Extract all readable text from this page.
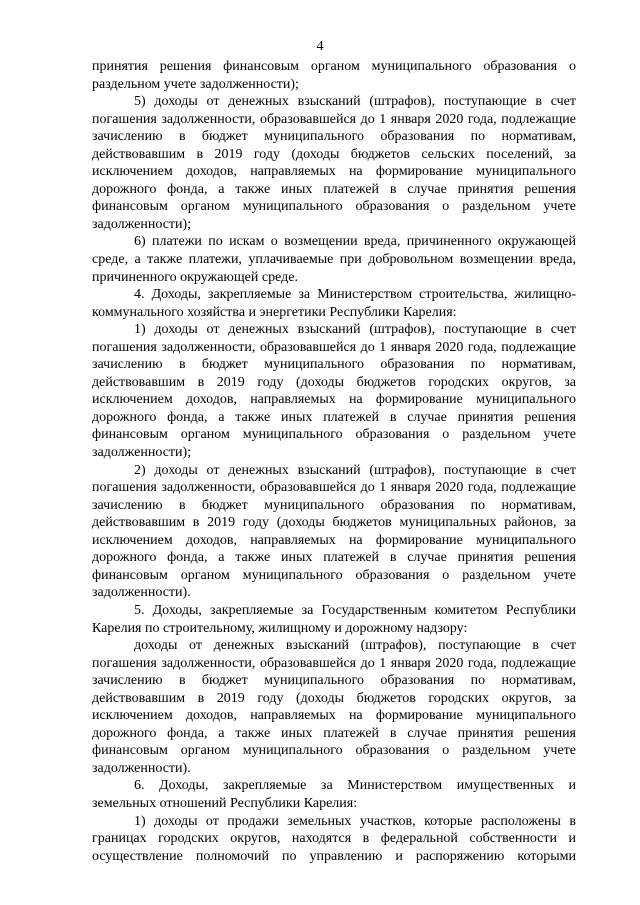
4

принятия решения финансовым органом муниципального образования о раздельном учете задолженности);

5) доходы от денежных взысканий (штрафов), поступающие в счет погашения задолженности, образовавшейся до 1 января 2020 года, подлежащие зачислению в бюджет муниципального образования по нормативам, действовавшим в 2019 году (доходы бюджетов сельских поселений, за исключением доходов, направляемых на формирование муниципального дорожного фонда, а также иных платежей в случае принятия решения финансовым органом муниципального образования о раздельном учете задолженности);

6) платежи по искам о возмещении вреда, причиненного окружающей среде, а также платежи, уплачиваемые при добровольном возмещении вреда, причиненного окружающей среде.

4. Доходы, закрепляемые за Министерством строительства, жилищно-коммунального хозяйства и энергетики Республики Карелия:

1) доходы от денежных взысканий (штрафов), поступающие в счет погашения задолженности, образовавшейся до 1 января 2020 года, подлежащие зачислению в бюджет муниципального образования по нормативам, действовавшим в 2019 году (доходы бюджетов городских округов, за исключением доходов, направляемых на формирование муниципального дорожного фонда, а также иных платежей в случае принятия решения финансовым органом муниципального образования о раздельном учете задолженности);

2) доходы от денежных взысканий (штрафов), поступающие в счет погашения задолженности, образовавшейся до 1 января 2020 года, подлежащие зачислению в бюджет муниципального образования по нормативам, действовавшим в 2019 году (доходы бюджетов муниципальных районов, за исключением доходов, направляемых на формирование муниципального дорожного фонда, а также иных платежей в случае принятия решения финансовым органом муниципального образования о раздельном учете задолженности).

5. Доходы, закрепляемые за Государственным комитетом Республики Карелия по строительному, жилищному и дорожному надзору:

доходы от денежных взысканий (штрафов), поступающие в счет погашения задолженности, образовавшейся до 1 января 2020 года, подлежащие зачислению в бюджет муниципального образования по нормативам, действовавшим в 2019 году (доходы бюджетов городских округов, за исключением доходов, направляемых на формирование муниципального дорожного фонда, а также иных платежей в случае принятия решения финансовым органом муниципального образования о раздельном учете задолженности).

6. Доходы, закрепляемые за Министерством имущественных и земельных отношений Республики Карелия:

1) доходы от продажи земельных участков, которые расположены в границах городских округов, находятся в федеральной собственности и осуществление полномочий по управлению и распоряжению которыми
